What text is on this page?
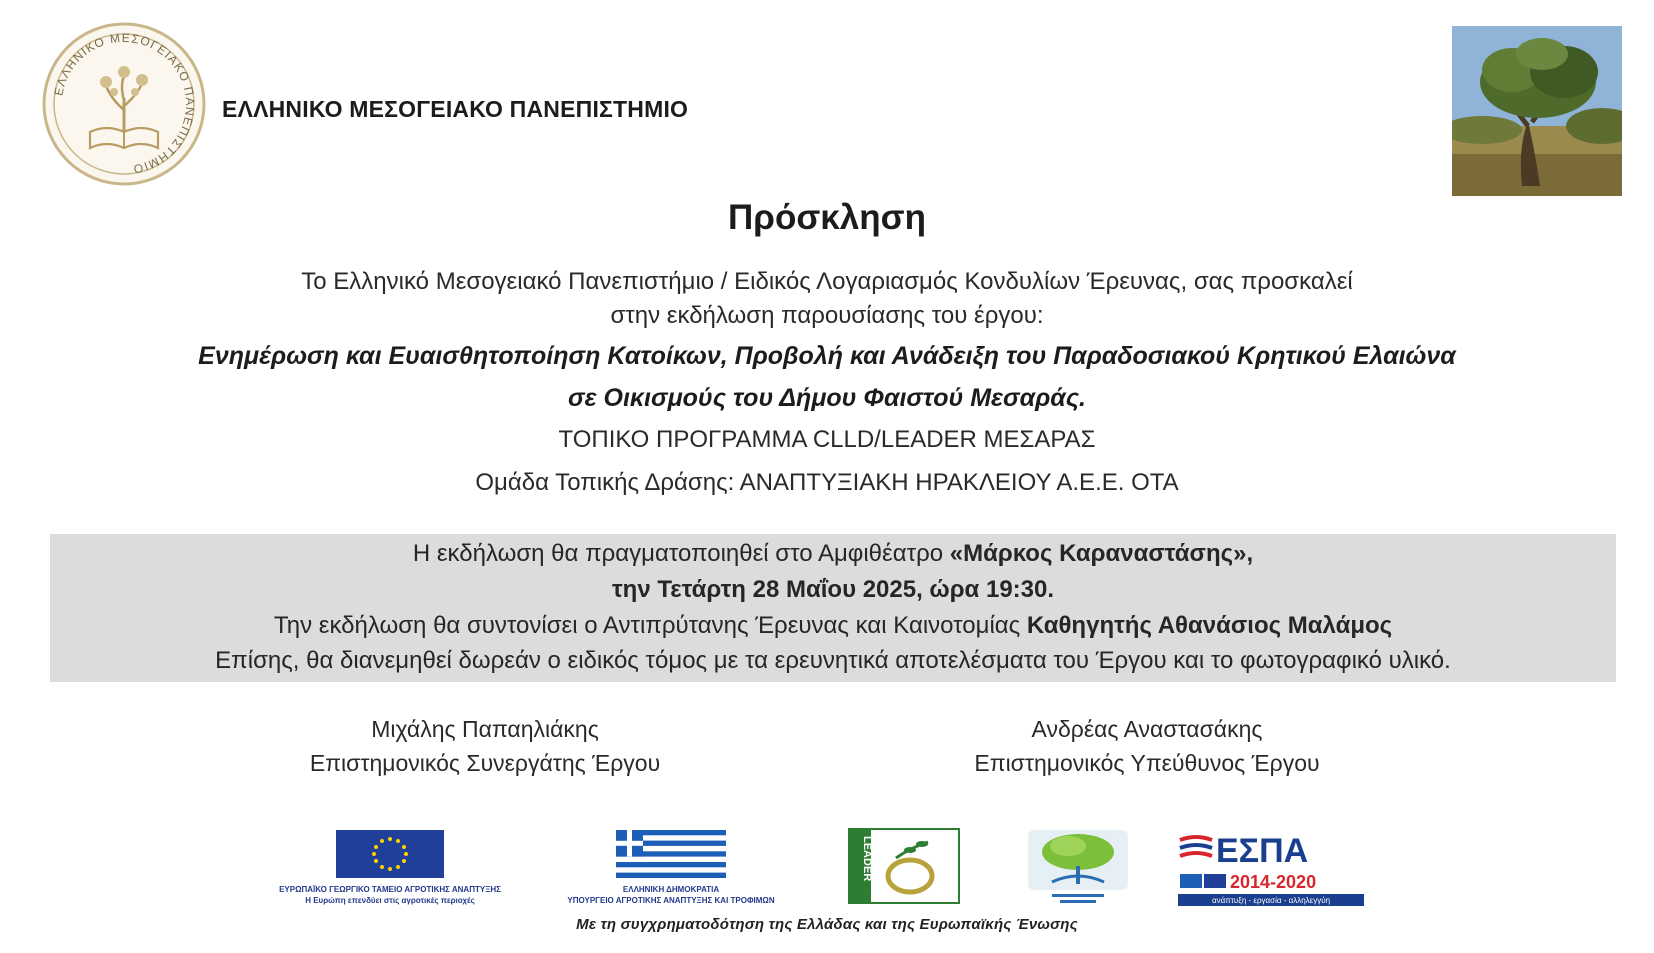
ΕΛΛΗΝΙΚΟ ΜΕΣΟΓΕΙΑΚΟ ΠΑΝΕΠΙΣΤΗΜΙΟ
ΕΛΛΗΝΙΚΟ ΜΕΣΟΓΕΙΑΚΟ ΠΑΝΕΠΙΣΤΗΜΙΟ
Πρόσκληση
Το Ελληνικό Μεσογειακό Πανεπιστήμιο / Ειδικός Λογαριασμός Κονδυλίων Έρευνας, σας προσκαλεί
στην εκδήλωση παρουσίασης του έργου:
Ενημέρωση και Ευαισθητοποίηση Κατοίκων, Προβολή και Ανάδειξη του Παραδοσιακού Κρητικού Ελαιώνα
σε Οικισμούς του Δήμου Φαιστού Μεσαράς.
ΤΟΠΙΚΟ ΠΡΟΓΡΑΜΜΑ CLLD/LEADER ΜΕΣΑΡΑΣ
Ομάδα Τοπικής Δράσης: ΑΝΑΠΤΥΞΙΑΚΗ ΗΡΑΚΛΕΙΟΥ Α.Ε.Ε. ΟΤΑ
Η εκδήλωση θα πραγματοποιηθεί στο Αμφιθέατρο «Μάρκος Καραναστάσης»,
την Τετάρτη 28 Μαΐου 2025, ώρα 19:30.
Την εκδήλωση θα συντονίσει ο Αντιπρύτανης Έρευνας και Καινοτομίας Καθηγητής Αθανάσιος Μαλάμος
Επίσης, θα διανεμηθεί δωρεάν ο ειδικός τόμος με τα ερευνητικά αποτελέσματα του Έργου και το φωτογραφικό υλικό.
Μιχάλης Παπαηλιάκης
Επιστημονικός Συνεργάτης Έργου
Ανδρέας Αναστασάκης
Επιστημονικός Υπεύθυνος Έργου
ΕΥΡΩΠΑΪΚΟ ΓΕΩΡΓΙΚΟ ΤΑΜΕΙΟ ΑΓΡΟΤΙΚΗΣ ΑΝΑΠΤΥΞΗΣ
Η Ευρώπη επενδύει στις αγροτικές περιοχές
ΕΛΛΗΝΙΚΗ ΔΗΜΟΚΡΑΤΙΑ
ΥΠΟΥΡΓΕΙΟ ΑΓΡΟΤΙΚΗΣ ΑΝΑΠΤΥΞΗΣ ΚΑΙ ΤΡΟΦΙΜΩΝ
LEADER	ΕΣΠΑ
2014-2020
ανάπτυξη - εργασία - αλληλεγγύη
Με τη συγχρηματοδότηση της Ελλάδας και της Ευρωπαϊκής Ένωσης
